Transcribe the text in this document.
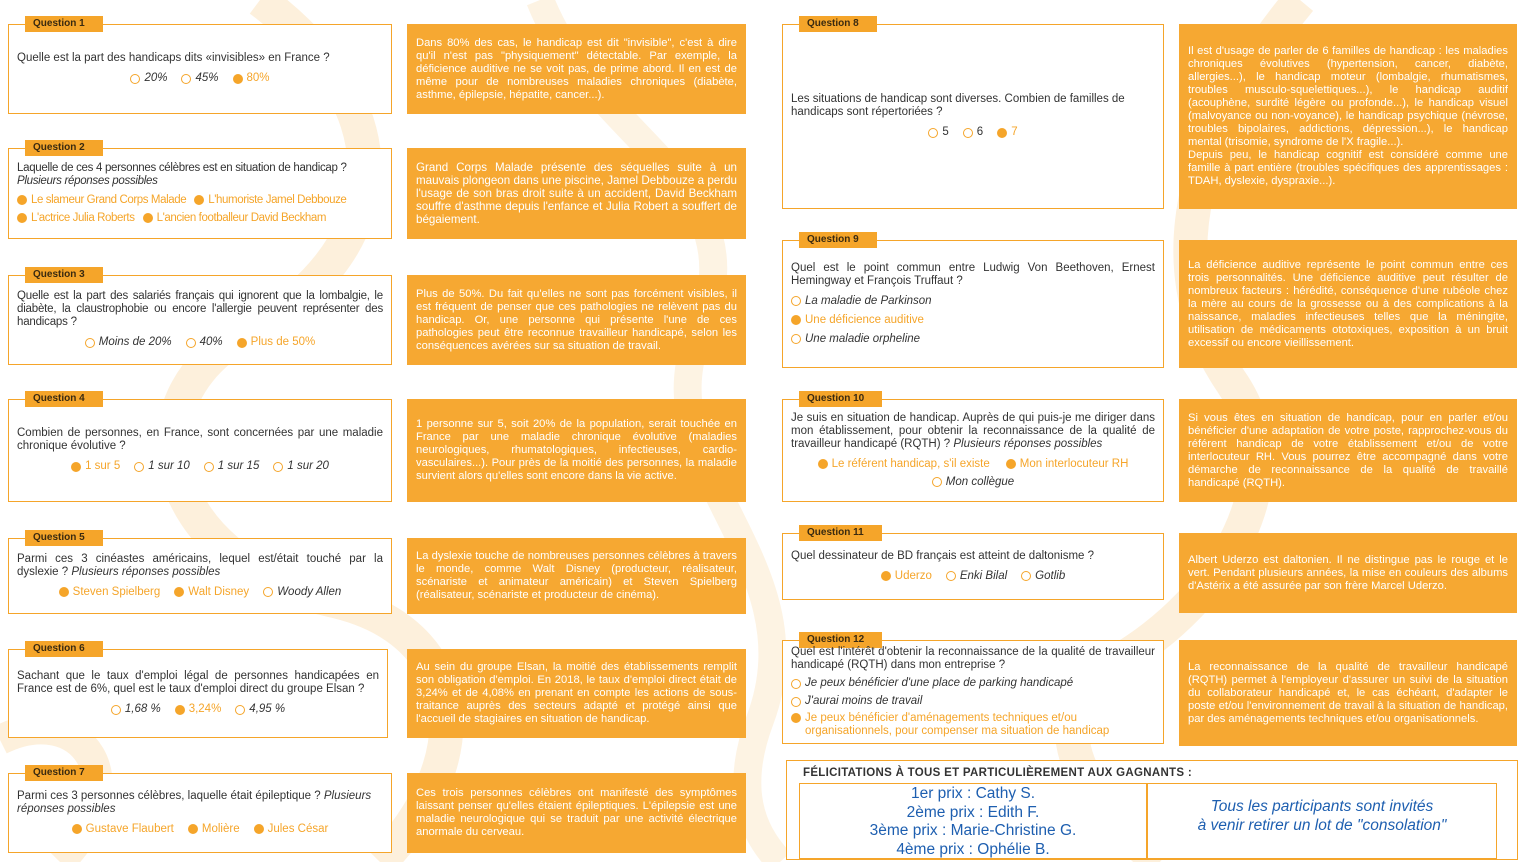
Question 1
Quelle est la part des handicaps dits «invisibles» en France ?
20% 45% 80%
Question 2
Laquelle de ces 4 personnes célèbres est en situation de handicap ?
Plusieurs réponses possibles
Le slameur Grand Corps Malade L'humoriste Jamel Debbouze
L'actrice Julia Roberts L'ancien footballeur David Beckham
Question 3
Quelle est la part des salariés français qui ignorent que la lombalgie, le diabète, la claustrophobie ou encore l'allergie peuvent représenter des handicaps ?
Moins de 20% 40% Plus de 50%
Question 4
Combien de personnes, en France, sont concernées par une maladie chronique évolutive ?
1 sur 5 1 sur 10 1 sur 15 1 sur 20
Question 5
Parmi ces 3 cinéastes américains, lequel est/était touché par la dyslexie ? Plusieurs réponses possibles
Steven Spielberg Walt Disney Woody Allen
Question 6
Sachant que le taux d'emploi légal de personnes handicapées en France est de 6%, quel est le taux d'emploi direct du groupe Elsan ?
1,68 % 3,24% 4,95 %
Question 7
Parmi ces 3 personnes célèbres, laquelle était épileptique ? Plusieurs réponses possibles
Gustave Flaubert Molière Jules César
Dans 80% des cas, le handicap est dit "invisible", c'est à dire qu'il n'est pas "physiquement" détectable. Par exemple, la déficience auditive ne se voit pas, de prime abord. Il en est de même pour de nombreuses maladies chroniques (diabète, asthme, épilepsie, hépatite, cancer...).
Grand Corps Malade présente des séquelles suite à un mauvais plongeon dans une piscine, Jamel Debbouze a perdu l'usage de son bras droit suite à un accident, David Beckham souffre d'asthme depuis l'enfance et Julia Robert a souffert de bégaiement.
Plus de 50%. Du fait qu'elles ne sont pas forcément visibles, il est fréquent de penser que ces pathologies ne relèvent pas du handicap. Or, une personne qui présente l'une de ces pathologies peut être reconnue travailleur handicapé, selon les conséquences avérées sur sa situation de travail.
1 personne sur 5, soit 20% de la population, serait touchée en France par une maladie chronique évolutive (maladies neurologiques, rhumatologiques, infectieuses, cardio-vasculaires...). Pour près de la moitié des personnes, la maladie survient alors qu'elles sont encore dans la vie active.
La dyslexie touche de nombreuses personnes célèbres à travers le monde, comme Walt Disney (producteur, réalisateur, scénariste et animateur américain) et Steven Spielberg (réalisateur, scénariste et producteur de cinéma).
Au sein du groupe Elsan, la moitié des établissements remplit son obligation d'emploi. En 2018, le taux d'emploi direct était de 3,24% et de 4,08% en prenant en compte les actions de sous-traitance auprès des secteurs adapté et protégé ainsi que l'accueil de stagiaires en situation de handicap.
Ces trois personnes célèbres ont manifesté des symptômes laissant penser qu'elles étaient épileptiques. L'épilepsie est une maladie neurologique qui se traduit par une activité électrique anormale du cerveau.
Question 8
Les situations de handicap sont diverses. Combien de familles de handicaps sont répertoriées ?
5 6 7
Question 9
Quel est le point commun entre Ludwig Von Beethoven, Ernest Hemingway et François Truffaut ?
La maladie de Parkinson
Une déficience auditive
Une maladie orpheline
Question 10
Je suis en situation de handicap. Auprès de qui puis-je me diriger dans mon établissement, pour obtenir la reconnaissance de la qualité de travailleur handicapé (RQTH) ? Plusieurs réponses possibles
Le référent handicap, s'il existe	Mon interlocuteur RH
Mon collègue
Question 11
Quel dessinateur de BD français est atteint de daltonisme ?
Uderzo Enki Bilal Gotlib
Question 12
Quel est l'intérêt d'obtenir la reconnaissance de la qualité de travailleur handicapé (RQTH) dans mon entreprise ?
Je peux bénéficier d'une place de parking handicapé
J'aurai moins de travail
Je peux bénéficier d'aménagements techniques et/ou organisationnels, pour compenser ma situation de handicap
Il est d'usage de parler de 6 familles de handicap : les maladies chroniques évolutives (hypertension, cancer, diabète, allergies...), le handicap moteur (lombalgie, rhumatismes, troubles musculo-squelettiques...), le handicap auditif (acouphène, surdité légère ou profonde...), le handicap visuel (malvoyance ou non-voyance), le handicap psychique (névrose, troubles bipolaires, addictions, dépression...), le handicap mental (trisomie, syndrome de l'X fragile...).
Depuis peu, le handicap cognitif est considéré comme une famille à part entière (troubles spécifiques des apprentissages : TDAH, dyslexie, dyspraxie...).
La déficience auditive représente le point commun entre ces trois personnalités. Une déficience auditive peut résulter de nombreux facteurs : hérédité, conséquence d'une rubéole chez la mère au cours de la grossesse ou à des complications à la naissance, maladies infectieuses telles que la méningite, utilisation de médicaments ototoxiques, exposition à un bruit excessif ou encore vieillissement.
Si vous êtes en situation de handicap, pour en parler et/ou bénéficier d'une adaptation de votre poste, rapprochez-vous du référent handicap de votre établissement et/ou de votre interlocuteur RH. Vous pourrez être accompagné dans votre démarche de reconnaissance de la qualité de travaillé handicapé (RQTH).
Albert Uderzo est daltonien. Il ne distingue pas le rouge et le vert. Pendant plusieurs années, la mise en couleurs des albums d'Astérix a été assurée par son frère Marcel Uderzo.
La reconnaissance de la qualité de travailleur handicapé (RQTH) permet à l'employeur d'assurer un suivi de la situation du collaborateur handicapé et, le cas échéant, d'adapter le poste et/ou l'environnement de travail à la situation de handicap, par des aménagements techniques et/ou organisationnels.
FÉLICITATIONS À TOUS ET PARTICULIÈREMENT AUX GAGNANTS :
1er prix : Cathy S.
2ème prix : Edith F.
3ème prix : Marie-Christine G.
4ème prix : Ophélie B.
Tous les participants sont invités
à venir retirer un lot de "consolation"
